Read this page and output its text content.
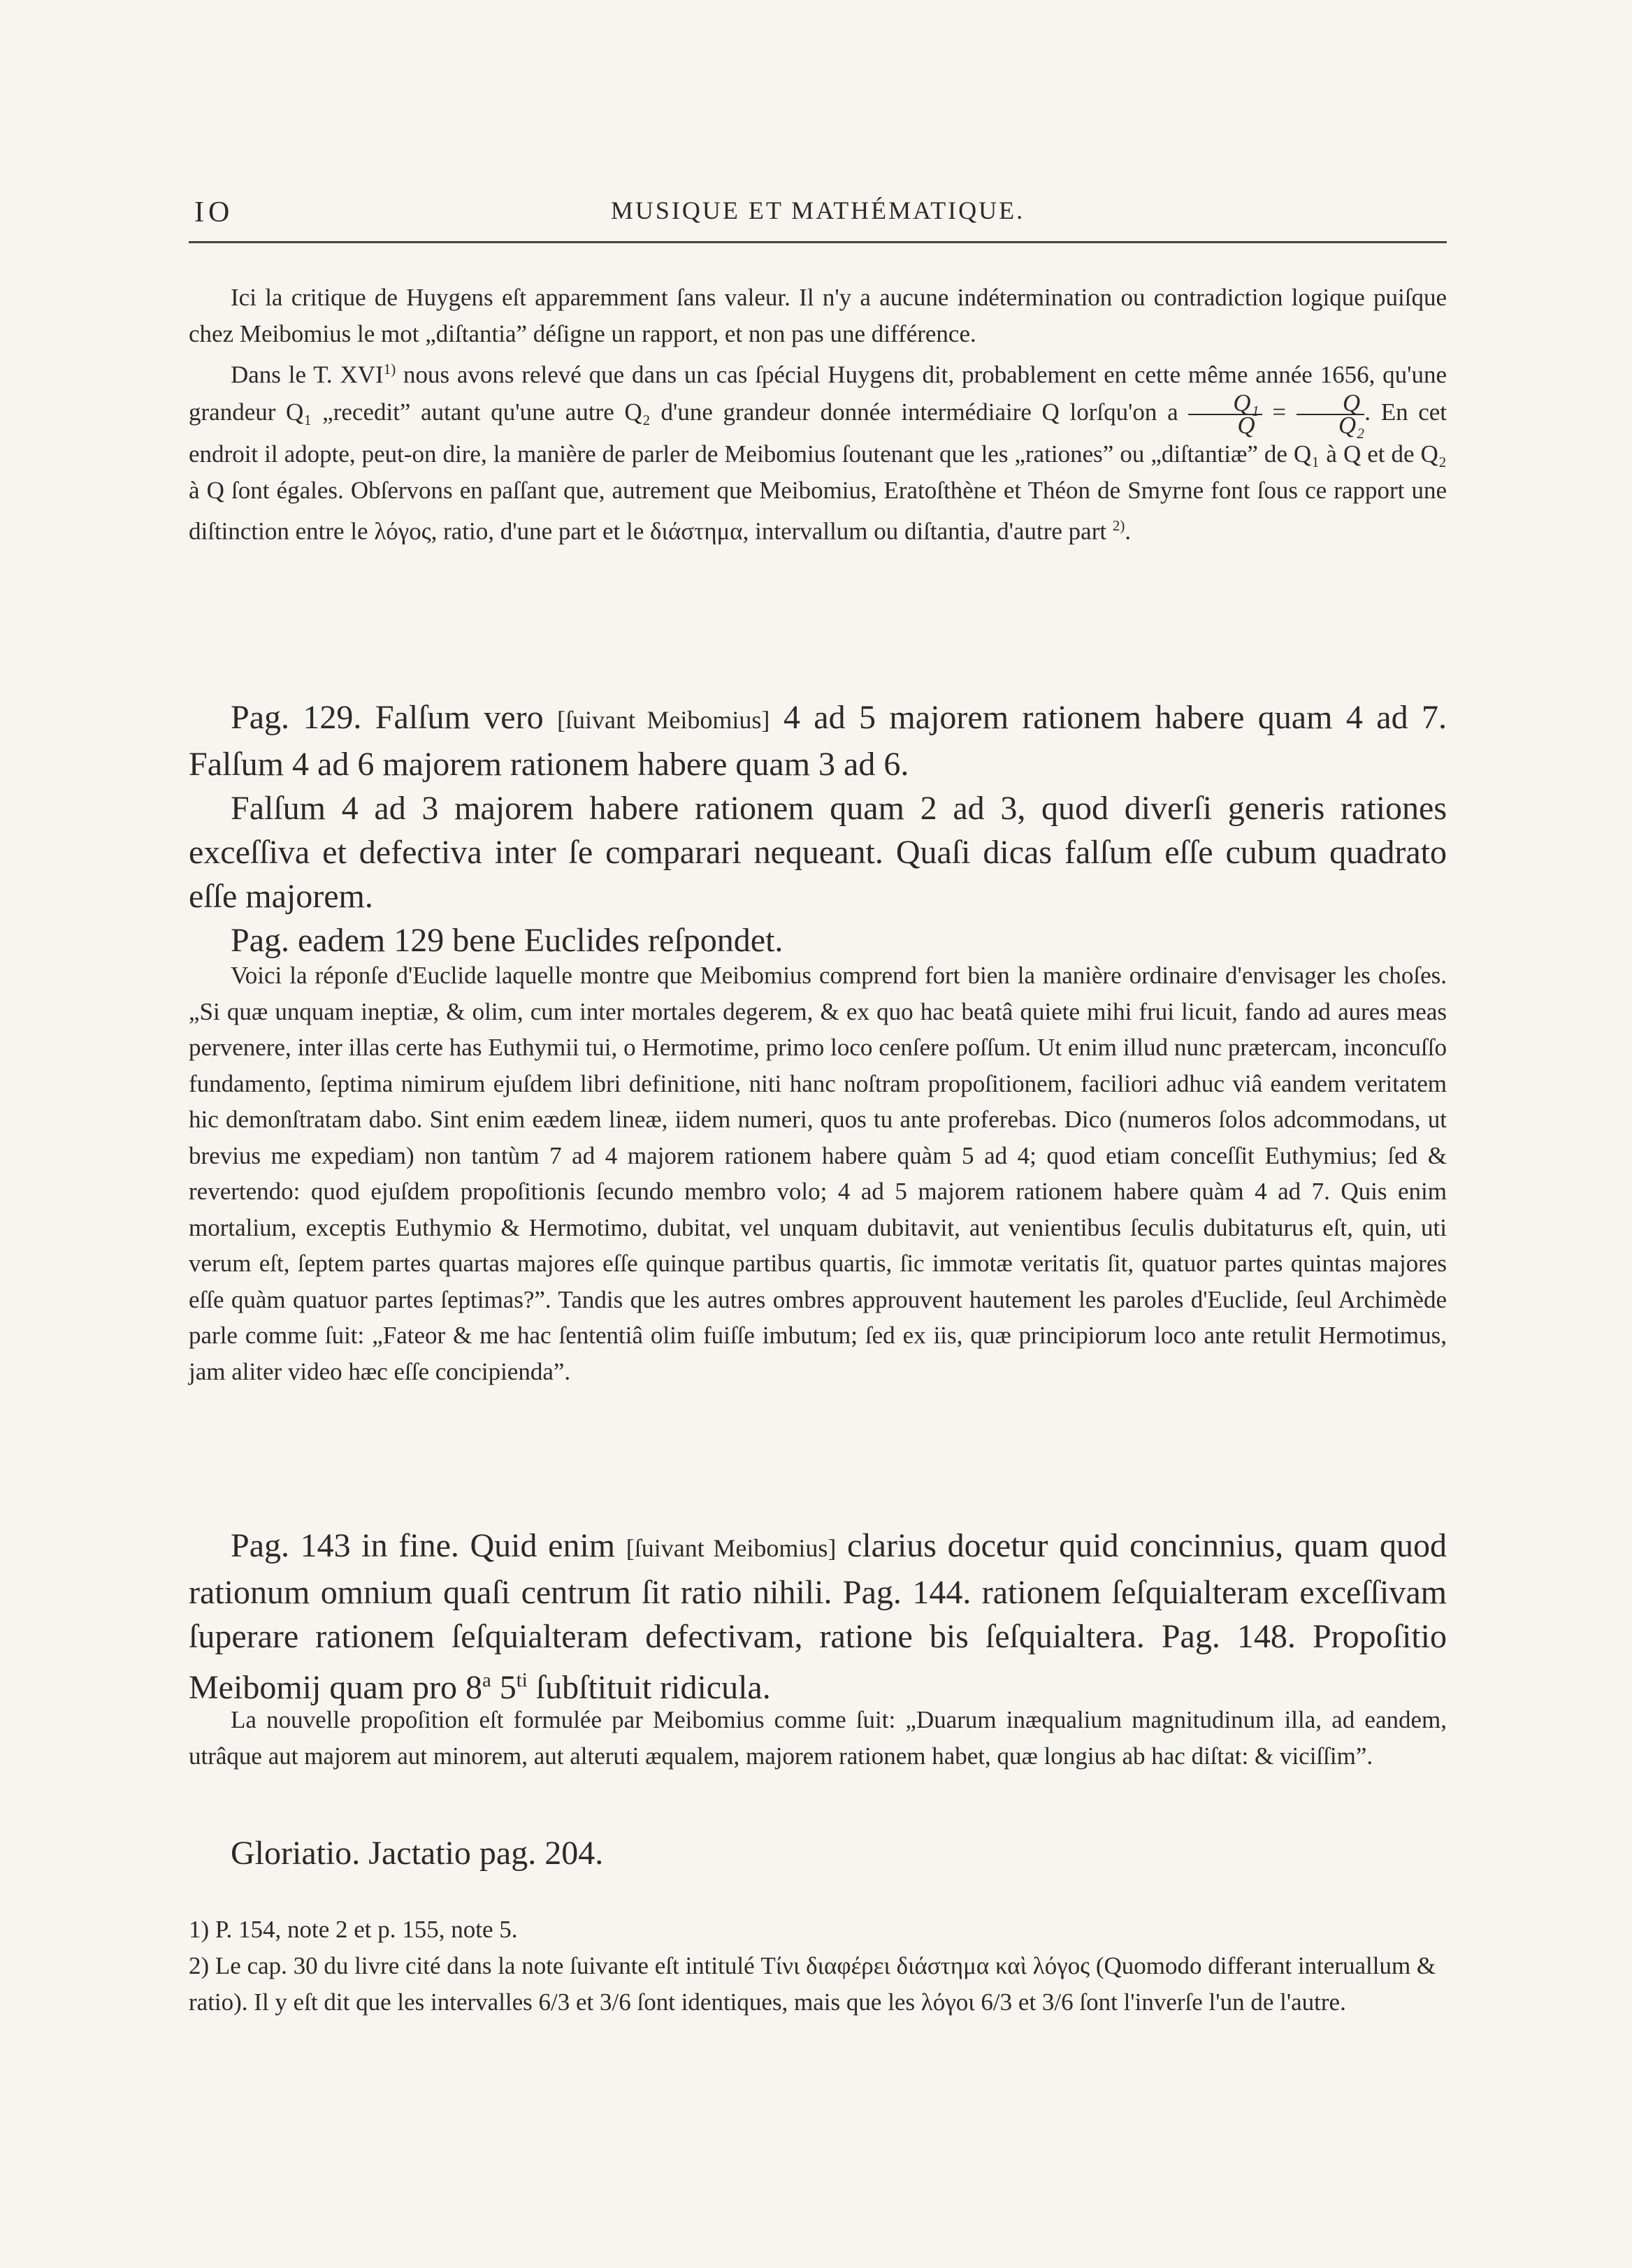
IO	MUSIQUE ET MATHÉMATIQUE.

Ici la critique de Huygens eſt apparemment ſans valeur. Il n'y a aucune indétermination ou contradiction logique puiſque chez Meibomius le mot „diſtantia” déſigne un rapport, et non pas une différence.

Dans le T. XVI$^{1)}$ nous avons relevé que dans un cas ſpécial Huygens dit, probablement en cette même année 1656, qu'une grandeur Q₁ „recedit” autant qu'une autre Q₂ d'une grandeur donnée intermédiaire Q lorſqu'on a $\frac{\text{Q₁}}{Q} = \frac{Q}{\text{Q₂}}$ . En cet endroit il adopte, peut-on dire, la manière de parler de Meibomius ſoutenant que les „rationes” ou „diſtantiæ” de Q₁ à Q et de Q₂ à Q ſont égales. Obſervons en paſſant que, autrement que Meibomius, Eratoſthène et Théon de Smyrne font ſous ce rapport une diſtinction entre le λόγος, ratio, d'une part et le διάστημα, intervallum ou diſtantia, d'autre part $^{2)}$.

Pag. 129. Falſum vero [ſuivant Meibomius] 4 ad 5 majorem rationem habere quam 4 ad 7. Falſum 4 ad 6 majorem rationem habere quam 3 ad 6.

Falſum 4 ad 3 majorem habere rationem quam 2 ad 3, quod diverſi generis rationes exceſſiva et defectiva inter ſe comparari nequeant. Quaſi dicas falſum eſſe cubum quadrato eſſe majorem.

Pag. eadem 129 bene Euclides reſpondet.

Voici la réponſe d'Euclide laquelle montre que Meibomius comprend fort bien la manière ordinaire d'envisager les choſes. „Si quæ unquam ineptiæ, & olim, cum inter mortales degerem, & ex quo hac beatâ quiete mihi frui licuit, fando ad aures meas pervenere, inter illas certe has Euthymii tui, o Hermotime, primo loco cenſere poſſum. Ut enim illud nunc prætercam, inconcuſſo fundamento, ſeptima nimirum ejuſdem libri definitione, niti hanc noſtram propoſitionem, faciliori adhuc viâ eandem veritatem hic demonſtratam dabo. Sint enim eædem lineæ, iidem numeri, quos tu ante proferebas. Dico (numeros ſolos adcommodans, ut brevius me expediam) non tantùm 7 ad 4 majorem rationem habere quàm 5 ad 4; quod etiam conceſſit Euthymius; ſed & revertendo: quod ejuſdem propoſitionis ſecundo membro volo; 4 ad 5 majorem rationem habere quàm 4 ad 7. Quis enim mortalium, exceptis Euthymio & Hermotimo, dubitat, vel unquam dubitavit, aut venientibus ſeculis dubitaturus eſt, quin, uti verum eſt, ſeptem partes quartas majores eſſe quinque partibus quartis, ſic immotæ veritatis ſit, quatuor partes quintas majores eſſe quàm quatuor partes ſeptimas?”. Tandis que les autres ombres approuvent hautement les paroles d'Euclide, ſeul Archimède parle comme ſuit: „Fateor & me hac ſententiâ olim fuiſſe imbutum; ſed ex iis, quæ principiorum loco ante retulit Hermotimus, jam aliter video hæc eſſe concipienda”.

Pag. 143 in fine. Quid enim [ſuivant Meibomius] clarius docetur quid concinnius, quam quod rationum omnium quaſi centrum ſit ratio nihili. Pag. 144. rationem ſeſquialteram exceſſivam ſuperare rationem ſeſquialteram defectivam, ratione bis ſeſquialtera. Pag. 148. Propoſitio Meibomij quam pro 8$^a$ $5^{ti}$ ſubſtituit ridicula.

La nouvelle propoſition eſt formulée par Meibomius comme ſuit: „Duarum inæqualium magnitudinum illa, ad eandem, utrâque aut majorem aut minorem, aut alteruti æqualem, majorem rationem habet, quæ longius ab hac diſtat: & viciſſim”.

Gloriatio. Jactatio pag. 204.

1) P. 154, note 2 et p. 155, note 5.

2) Le cap. 30 du livre cité dans la note ſuivante eſt intitulé Τίνι διαφέρει διάστημα καὶ λόγος (Quomodo differant interuallum & ratio). Il y eſt dit que les intervalles 6/3 et 3/6 ſont identiques, mais que les λόγοι 6/3 et 3/6 ſont l'inverſe l'un de l'autre.
